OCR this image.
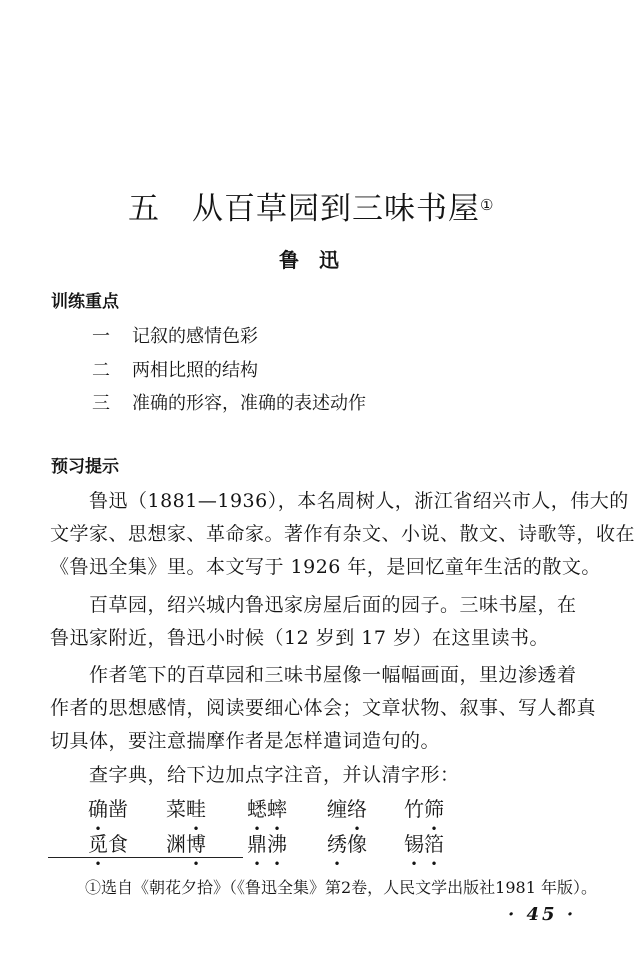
五　从百草园到三味书屋①
鲁迅
训练重点
一 记叙的感情色彩
二 两相比照的结构
三 准确的形容，准确的表述动作
预习提示
　　鲁迅（1881—1936），本名周树人，浙江省绍兴市人，伟大的
文学家、思想家、革命家。著作有杂文、小说、散文、诗歌等，收在
《鲁迅全集》里。本文写于 1926 年，是回忆童年生活的散文。
　　百草园，绍兴城内鲁迅家房屋后面的园子。三味书屋，在
鲁迅家附近，鲁迅小时候（12 岁到 17 岁）在这里读书。
　　作者笔下的百草园和三味书屋像一幅幅画面，里边渗透着
作者的思想感情，阅读要细心体会；文章状物、叙事、写人都真
切具体，要注意揣摩作者是怎样遣词造句的。
　　查字典，给下边加点字注音，并认清字形：
确凿 菜畦 蟋蟀 缠络 竹筛
觅食 渊博 鼎沸 绣像 锡箔
①选自《朝花夕拾》（《鲁迅全集》第2卷，人民文学出版社1981 年版）。
· 45 ·
